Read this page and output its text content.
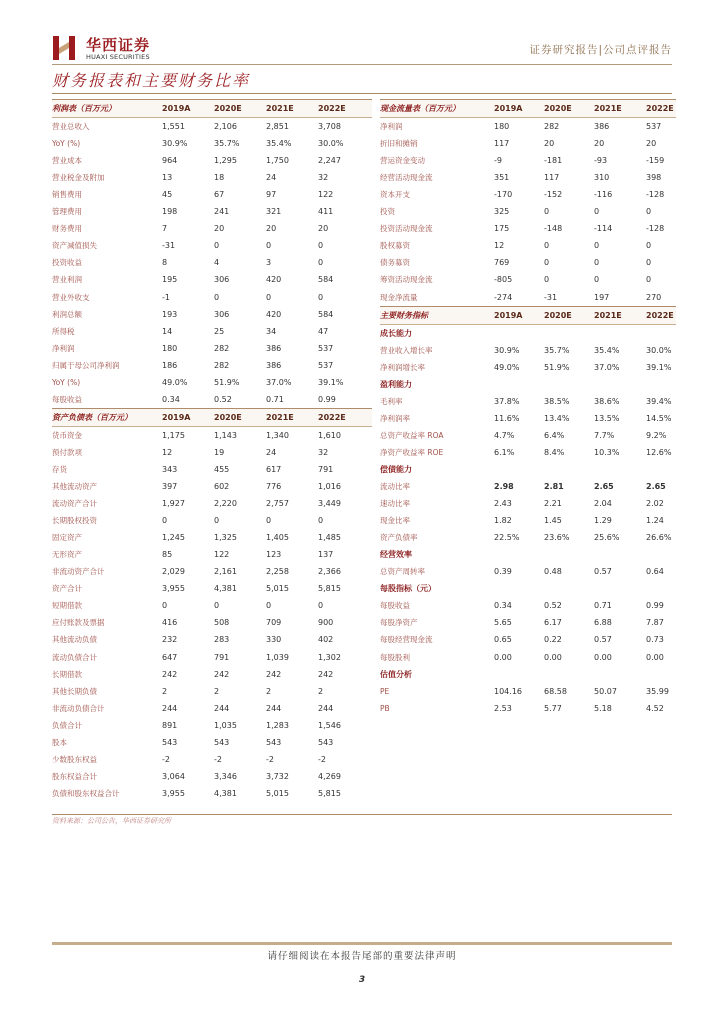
华西证券
HUAXI SECURITIES
证券研究报告|公司点评报告
财务报表和主要财务比率
利润表（百万元）	2019A	2020E	2021E	2022E
营业总收入	1,551	2,106	2,851	3,708
YoY (%)	30.9%	35.7%	35.4%	30.0%
营业成本	964	1,295	1,750	2,247
营业税金及附加	13	18	24	32
销售费用	45	67	97	122
管理费用	198	241	321	411
财务费用	7	20	20	20
资产减值损失	-31	0	0	0
投资收益	8	4	3	0
营业利润	195	306	420	584
营业外收支	-1	0	0	0
利润总额	193	306	420	584
所得税	14	25	34	47
净利润	180	282	386	537
归属于母公司净利润	186	282	386	537
YoY (%)	49.0%	51.9%	37.0%	39.1%
每股收益	0.34	0.52	0.71	0.99
资产负债表（百万元）	2019A	2020E	2021E	2022E
货币资金	1,175	1,143	1,340	1,610
预付款项	12	19	24	32
存货	343	455	617	791
其他流动资产	397	602	776	1,016
流动资产合计	1,927	2,220	2,757	3,449
长期股权投资	0	0	0	0
固定资产	1,245	1,325	1,405	1,485
无形资产	85	122	123	137
非流动资产合计	2,029	2,161	2,258	2,366
资产合计	3,955	4,381	5,015	5,815
短期借款	0	0	0	0
应付账款及票据	416	508	709	900
其他流动负债	232	283	330	402
流动负债合计	647	791	1,039	1,302
长期借款	242	242	242	242
其他长期负债	2	2	2	2
非流动负债合计	244	244	244	244
负债合计	891	1,035	1,283	1,546
股本	543	543	543	543
少数股东权益	-2	-2	-2	-2
股东权益合计	3,064	3,346	3,732	4,269
负债和股东权益合计	3,955	4,381	5,015	5,815
现金流量表（百万元）	2019A	2020E	2021E	2022E
净利润	180	282	386	537
折旧和摊销	117	20	20	20
营运资金变动	-9	-181	-93	-159
经营活动现金流	351	117	310	398
资本开支	-170	-152	-116	-128
投资	325	0	0	0
投资活动现金流	175	-148	-114	-128
股权募资	12	0	0	0
债务募资	769	0	0	0
筹资活动现金流	-805	0	0	0
现金净流量	-274	-31	197	270
主要财务指标	2019A	2020E	2021E	2022E
成长能力
营业收入增长率	30.9%	35.7%	35.4%	30.0%
净利润增长率	49.0%	51.9%	37.0%	39.1%
盈利能力
毛利率	37.8%	38.5%	38.6%	39.4%
净利润率	11.6%	13.4%	13.5%	14.5%
总资产收益率 ROA	4.7%	6.4%	7.7%	9.2%
净资产收益率 ROE	6.1%	8.4%	10.3%	12.6%
偿债能力
流动比率	2.98	2.81	2.65	2.65
速动比率	2.43	2.21	2.04	2.02
现金比率	1.82	1.45	1.29	1.24
资产负债率	22.5%	23.6%	25.6%	26.6%
经营效率
总资产周转率	0.39	0.48	0.57	0.64
每股指标（元）
每股收益	0.34	0.52	0.71	0.99
每股净资产	5.65	6.17	6.88	7.87
每股经营现金流	0.65	0.22	0.57	0.73
每股股利	0.00	0.00	0.00	0.00
估值分析
PE	104.16	68.58	50.07	35.99
PB	2.53	5.77	5.18	4.52
资料来源：公司公告，华西证券研究所
请仔细阅读在本报告尾部的重要法律声明
3
